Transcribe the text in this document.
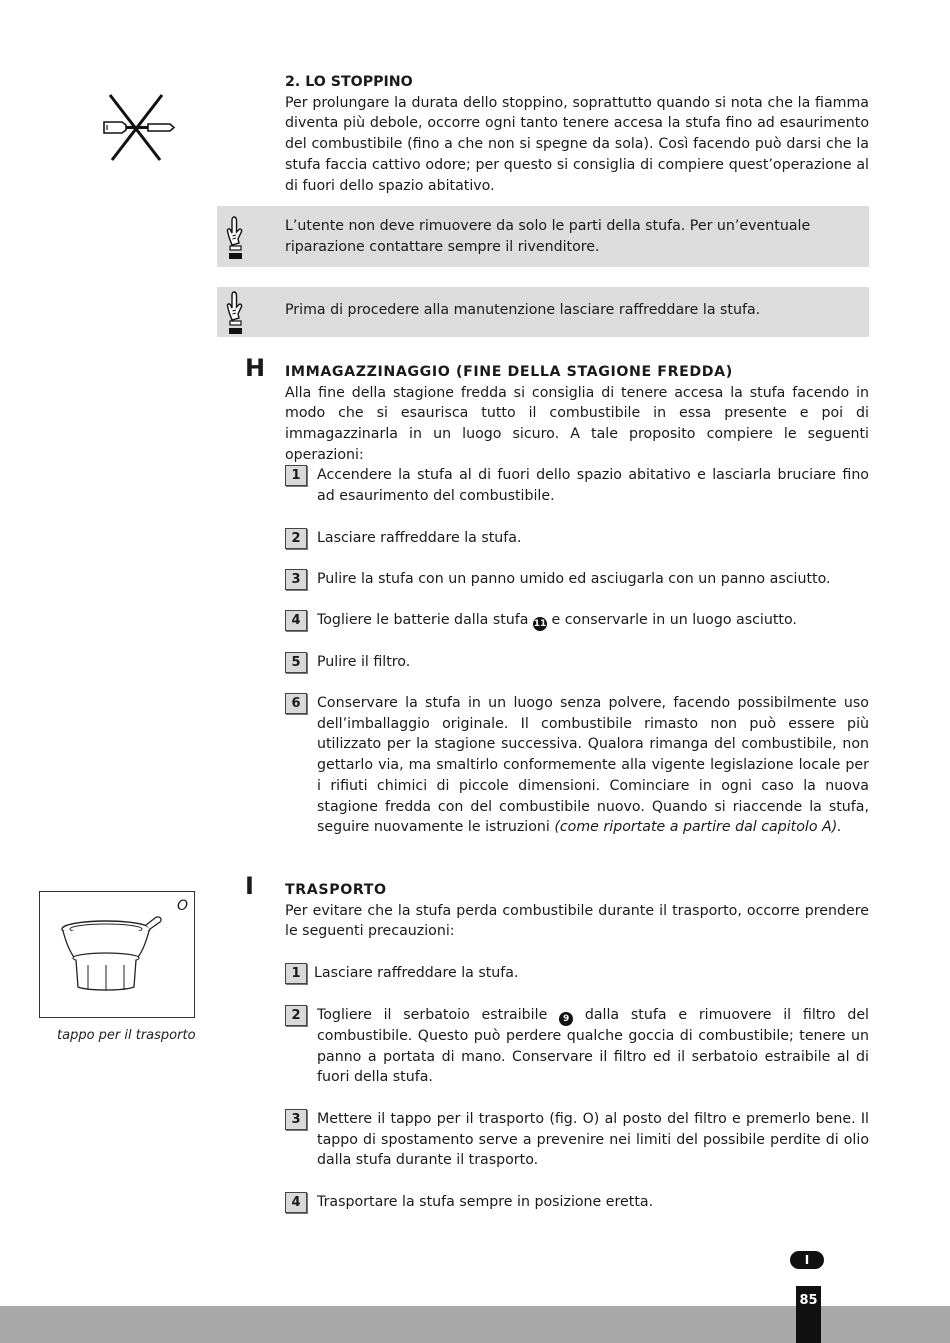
2. LO STOPPINO
Per prolungare la durata dello stoppino, soprattutto quando si nota che la fiamma diventa più debole, occorre ogni tanto tenere accesa la stufa fino ad esaurimento del combustibile (fino a che non si spegne da sola). Così facendo può darsi che la stufa faccia cattivo odore; per questo si consiglia di compiere quest’operazione al di fuori dello spazio abitativo.
L’utente non deve rimuovere da solo le parti della stufa. Per un’eventuale riparazione contattare sempre il rivenditore.
Prima di procedere alla manutenzione lasciare raffreddare la stufa.
H IMMAGAZZINAGGIO (FINE DELLA STAGIONE FREDDA)
Alla fine della stagione fredda si consiglia di tenere accesa la stufa facendo in modo che si esaurisca tutto il combustibile in essa presente e poi di immagazzinarla in un luogo sicuro. A tale proposito compiere le seguenti operazioni:
1	Accendere la stufa al di fuori dello spazio abitativo e lasciarla bruciare fino ad esaurimento del combustibile.
2	Lasciare raffreddare la stufa.
3	Pulire la stufa con un panno umido ed asciugarla con un panno asciutto.
4	Togliere le batterie dalla stufa 11 e conservarle in un luogo asciutto.
5	Pulire il filtro.
6	Conservare la stufa in un luogo senza polvere, facendo possibilmente uso dell’imballaggio originale. Il combustibile rimasto non può essere più utilizzato per la stagione successiva. Qualora rimanga del combustibile, non gettarlo via, ma smaltirlo conformemente alla vigente legislazione locale per i rifiuti chimici di piccole dimensioni. Cominciare in ogni caso la nuova stagione fredda con del combustibile nuovo. Quando si riaccende la stufa, seguire nuovamente le istruzioni (come riportate a partire dal capitolo A).
I TRASPORTO
Per evitare che la stufa perda combustibile durante il trasporto, occorre prendere le seguenti precauzioni:
1 Lasciare raffreddare la stufa.
2	Togliere il serbatoio estraibile 9 dalla stufa e rimuovere il filtro del combustibile. Questo può perdere qualche goccia di combustibile; tenere un panno a portata di mano. Conservare il filtro ed il serbatoio estraibile al di fuori della stufa.
3	Mettere il tappo per il trasporto (fig. O) al posto del filtro e premerlo bene. Il tappo di spostamento serve a prevenire nei limiti del possibile perdite di olio dalla stufa durante il trasporto.
4	Trasportare la stufa sempre in posizione eretta.
O
tappo per il trasporto
I
85
